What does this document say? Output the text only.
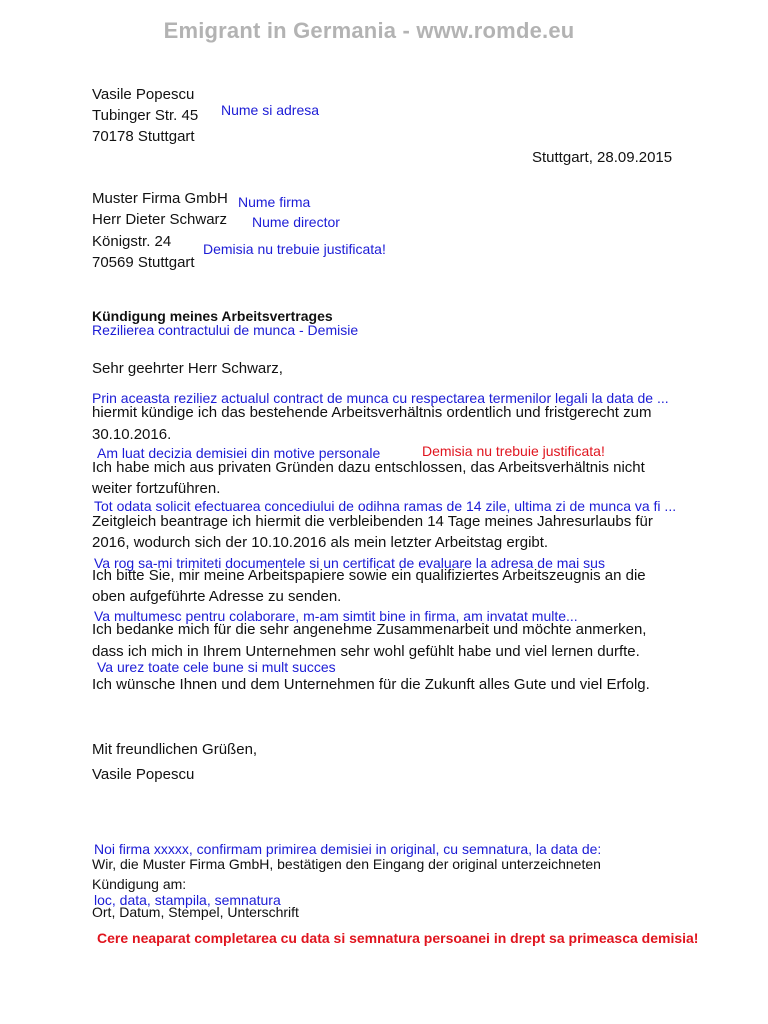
Emigrant in Germania - www.romde.eu
Vasile Popescu
Tubinger Str. 45 Nume si adresa
70178 Stuttgart
Stuttgart, 28.09.2015
Muster Firma GmbH Nume firma
Herr Dieter Schwarz Nume director
Königstr. 24 Demisia nu trebuie justificata!
70569 Stuttgart
Kündigung meines Arbeitsvertrages
Rezilierea contractului de munca - Demisie
Sehr geehrter Herr Schwarz,
Prin aceasta reziliez actualul contract de munca cu respectarea termenilor legali la data de ...
hiermit kündige ich das bestehende Arbeitsverhältnis ordentlich und fristgerecht zum
30.10.2016.
Am luat decizia demisiei din motive personale	Demisia nu trebuie justificata!
Ich habe mich aus privaten Gründen dazu entschlossen, das Arbeitsverhältnis nicht
weiter fortzuführen.
Tot odata solicit efectuarea concediului de odihna ramas de 14 zile, ultima zi de munca va fi ...
Zeitgleich beantrage ich hiermit die verbleibenden 14 Tage meines Jahresurlaubs für
2016, wodurch sich der 10.10.2016 als mein letzter Arbeitstag ergibt.
Va rog sa-mi trimiteti documentele si un certificat de evaluare la adresa de mai sus
Ich bitte Sie, mir meine Arbeitspapiere sowie ein qualifiziertes Arbeitszeugnis an die
oben aufgeführte Adresse zu senden.
Va multumesc pentru colaborare, m-am simtit bine in firma, am invatat multe...
Ich bedanke mich für die sehr angenehme Zusammenarbeit und möchte anmerken,
dass ich mich in Ihrem Unternehmen sehr wohl gefühlt habe und viel lernen durfte.
Va urez toate cele bune si mult succes
Ich wünsche Ihnen und dem Unternehmen für die Zukunft alles Gute und viel Erfolg.
Mit freundlichen Grüßen,
Vasile Popescu
Noi firma xxxxx, confirmam primirea demisiei in original, cu semnatura, la data de:
Wir, die Muster Firma GmbH, bestätigen den Eingang der original unterzeichneten
Kündigung am:
loc, data, stampila, semnatura
Ort, Datum, Stempel, Unterschrift
Cere neaparat completarea cu data si semnatura persoanei in drept sa primeasca demisia!
